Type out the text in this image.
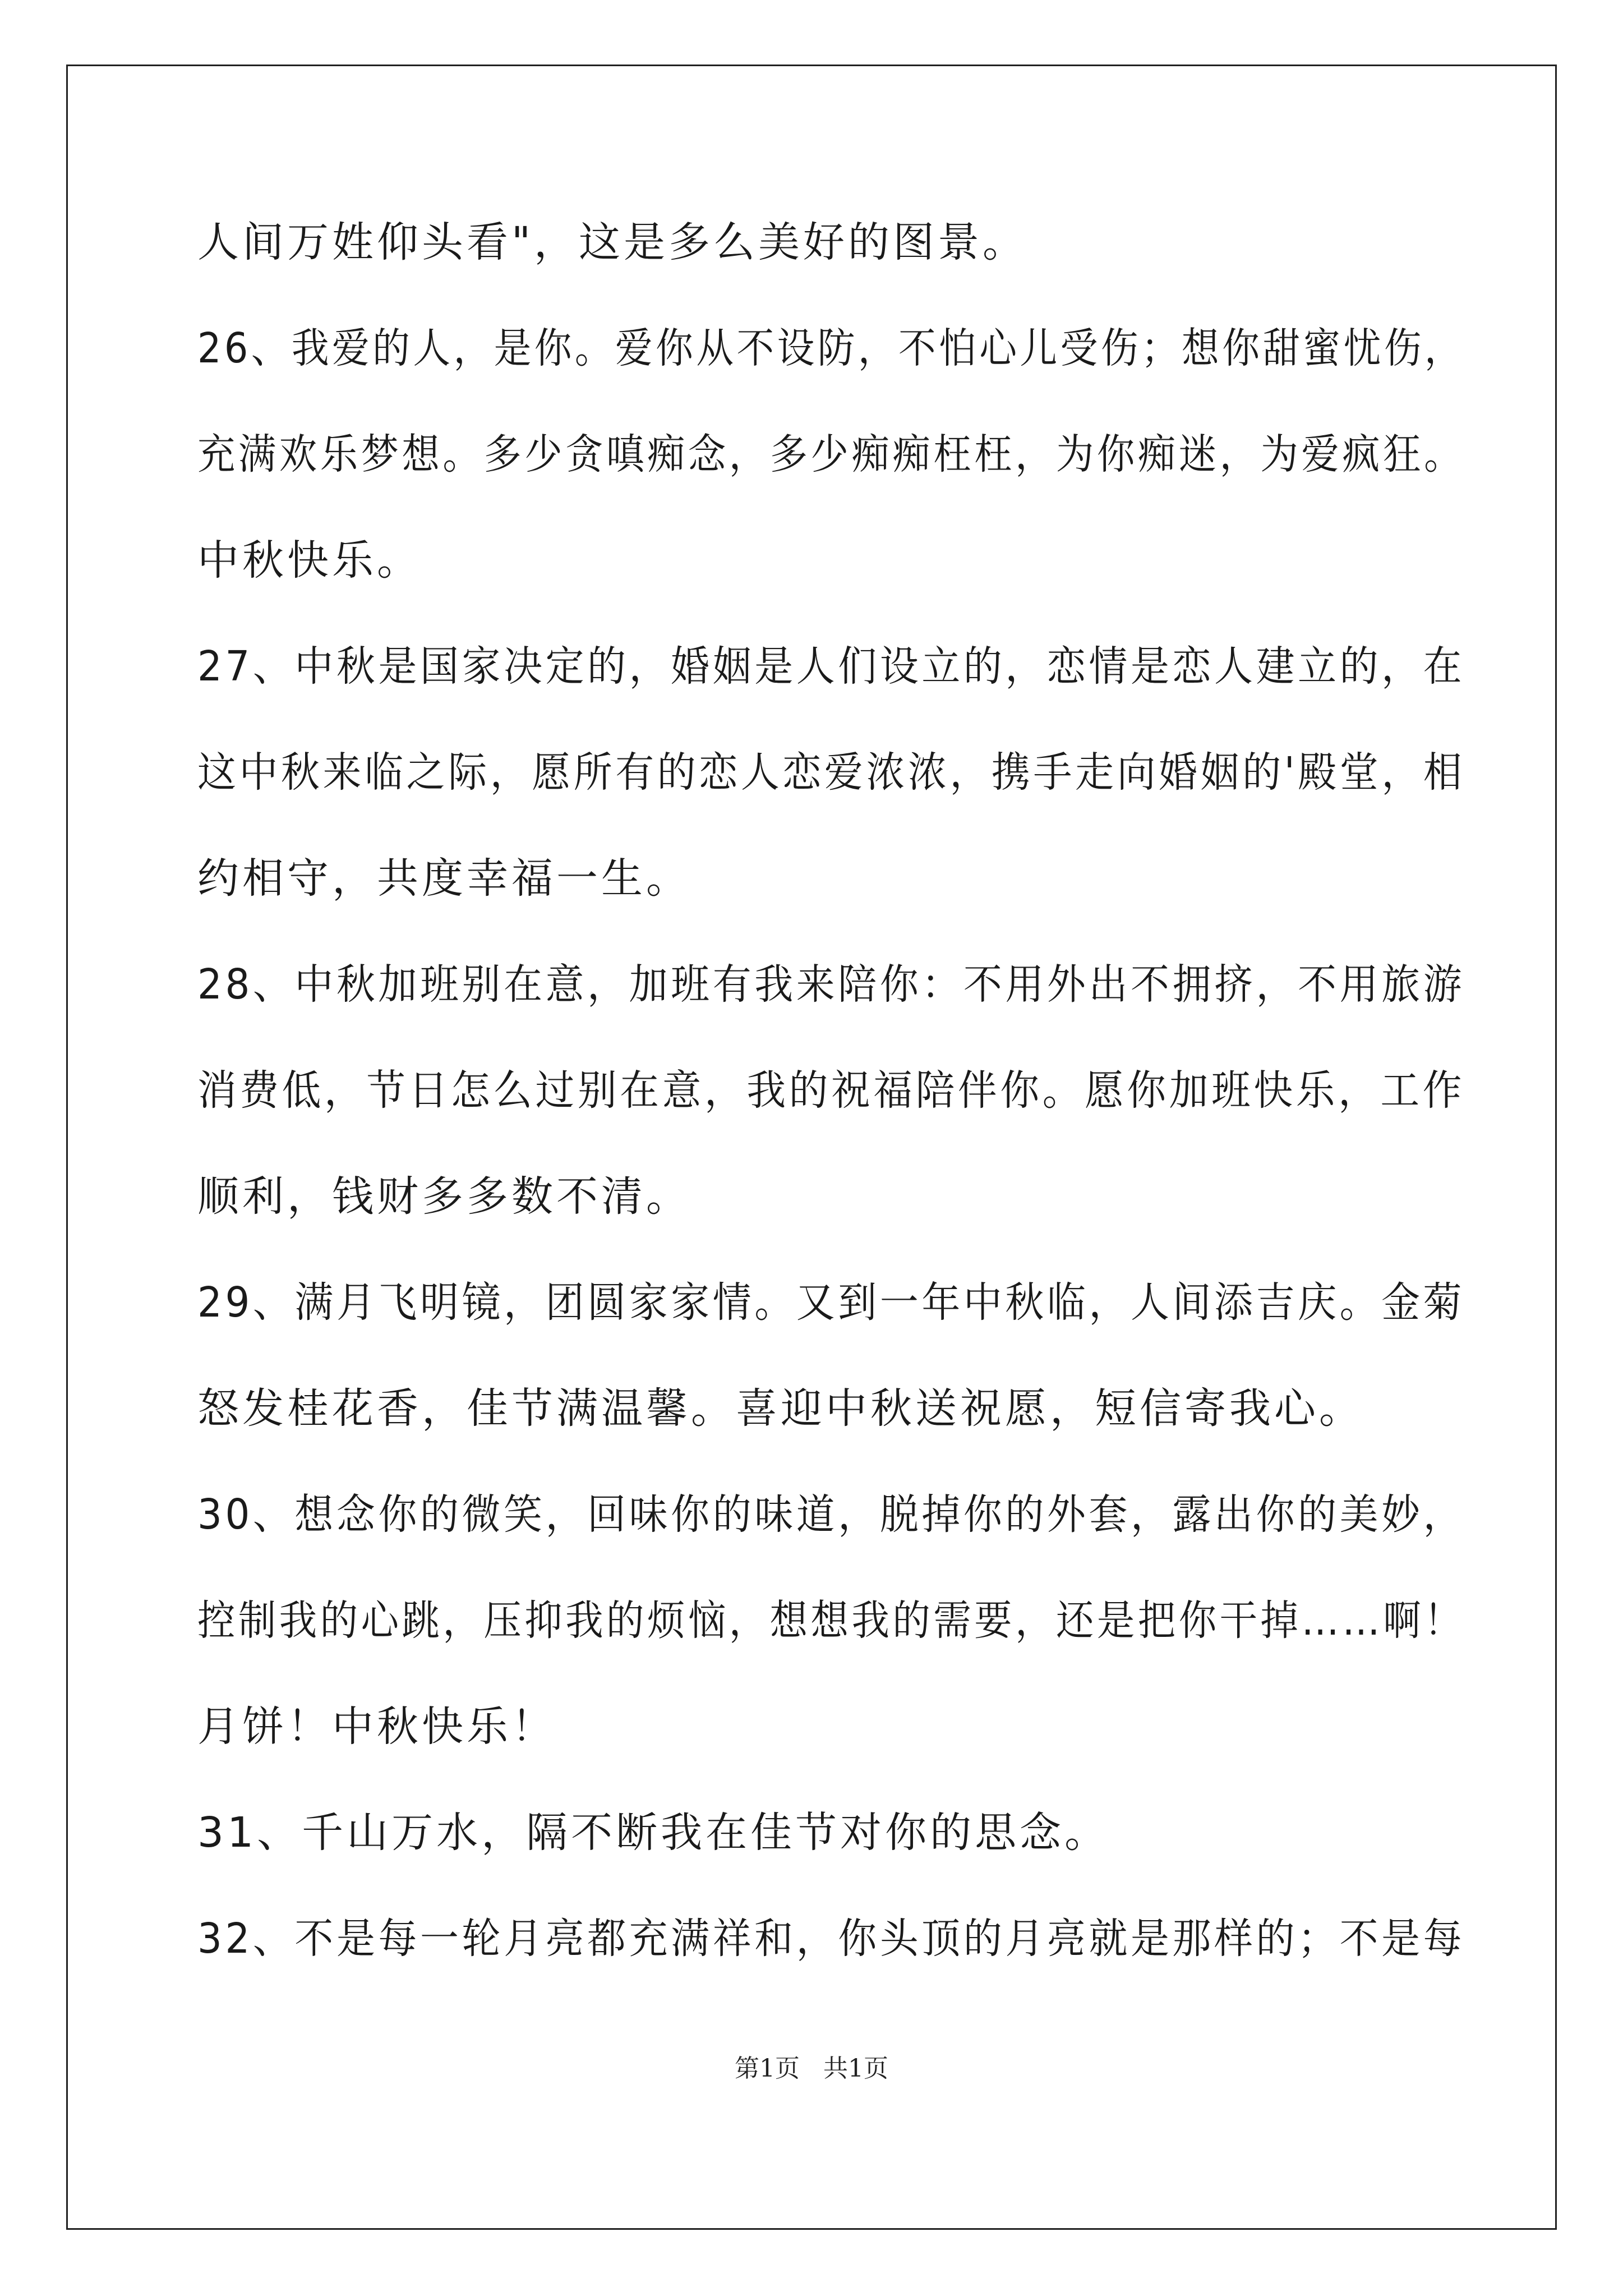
人间万姓仰头看"，这是多么美好的图景。

26、我爱的人，是你。爱你从不设防，不怕心儿受伤；想你甜蜜忧伤，

充满欢乐梦想。多少贪嗔痴念，多少痴痴枉枉，为你痴迷，为爱疯狂。

中秋快乐。

27、中秋是国家决定的，婚姻是人们设立的，恋情是恋人建立的，在

这中秋来临之际，愿所有的恋人恋爱浓浓，携手走向婚姻的'殿堂，相

约相守，共度幸福一生。

28、中秋加班别在意，加班有我来陪你：不用外出不拥挤，不用旅游

消费低，节日怎么过别在意，我的祝福陪伴你。愿你加班快乐，工作

顺利，钱财多多数不清。

29、满月飞明镜，团圆家家情。又到一年中秋临，人间添吉庆。金菊

怒发桂花香，佳节满温馨。喜迎中秋送祝愿，短信寄我心。

30、想念你的微笑，回味你的味道，脱掉你的外套，露出你的美妙，

控制我的心跳，压抑我的烦恼，想想我的需要，还是把你干掉……啊！

月饼！中秋快乐！

31、千山万水，隔不断我在佳节对你的思念。

32、不是每一轮月亮都充满祥和，你头顶的月亮就是那样的；不是每

第1页   共1页
